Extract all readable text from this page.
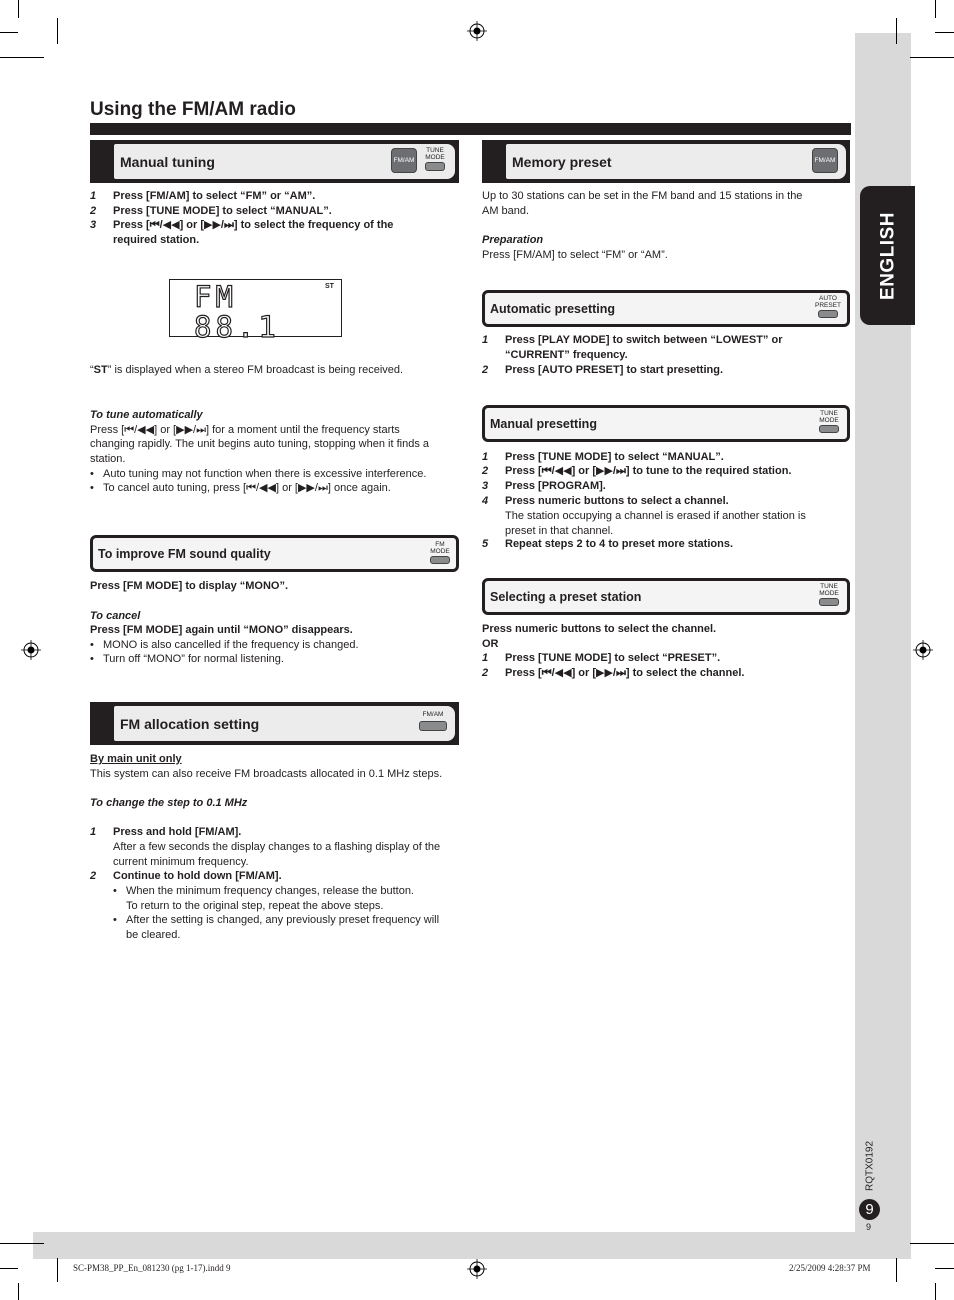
Using the FM/AM radio
ENGLISH
Manual tuning	FM/AM
TUNE
MODE
1 Press [FM/AM] to select “FM” or “AM”.
2 Press [TUNE MODE] to select “MANUAL”.
3 Press [⏮/◀◀] or [▶▶/⏭] to select the frequency of the
required station.
FM 88.1
ST
“ST” is displayed when a stereo FM broadcast is being received.
To tune automatically
Press [⏮/◀◀] or [▶▶/⏭] for a moment until the frequency starts
changing rapidly. The unit begins auto tuning, stopping when it finds a
station.
• Auto tuning may not function when there is excessive interference.
• To cancel auto tuning, press [⏮/◀◀] or [▶▶/⏭] once again.
To improve FM sound quality
FM
MODE
Press [FM MODE] to display “MONO”.
To cancel
Press [FM MODE] again until “MONO” disappears.
• MONO is also cancelled if the frequency is changed.
• Turn off “MONO” for normal listening.
FM allocation setting
FM/AM
By main unit only
This system can also receive FM broadcasts allocated in 0.1 MHz steps.
To change the step to 0.1 MHz
1 Press and hold [FM/AM].
After a few seconds the display changes to a flashing display of the
current minimum frequency.
2 Continue to hold down [FM/AM].
• When the minimum frequency changes, release the button.
To return to the original step, repeat the above steps.
• After the setting is changed, any previously preset frequency will
be cleared.
Memory preset	FM/AM
Up to 30 stations can be set in the FM band and 15 stations in the
AM band.
Preparation
Press [FM/AM] to select “FM” or “AM”.
Automatic presetting
AUTO
PRESET
1 Press [PLAY MODE] to switch between “LOWEST” or
“CURRENT” frequency.
2 Press [AUTO PRESET] to start presetting.
Manual presetting
TUNE
MODE
1 Press [TUNE MODE] to select “MANUAL”.
2 Press [⏮/◀◀] or [▶▶/⏭] to tune to the required station.
3 Press [PROGRAM].
4 Press numeric buttons to select a channel.
The station occupying a channel is erased if another station is
preset in that channel.
5 Repeat steps 2 to 4 to preset more stations.
Selecting a preset station
TUNE
MODE
Press numeric buttons to select the channel.
OR
1 Press [TUNE MODE] to select “PRESET”.
2 Press [⏮/◀◀] or [▶▶/⏭] to select the channel.
RQTX0192
9
9
SC-PM38_PP_En_081230 (pg 1-17).indd 9	2/25/2009 4:28:37 PM
